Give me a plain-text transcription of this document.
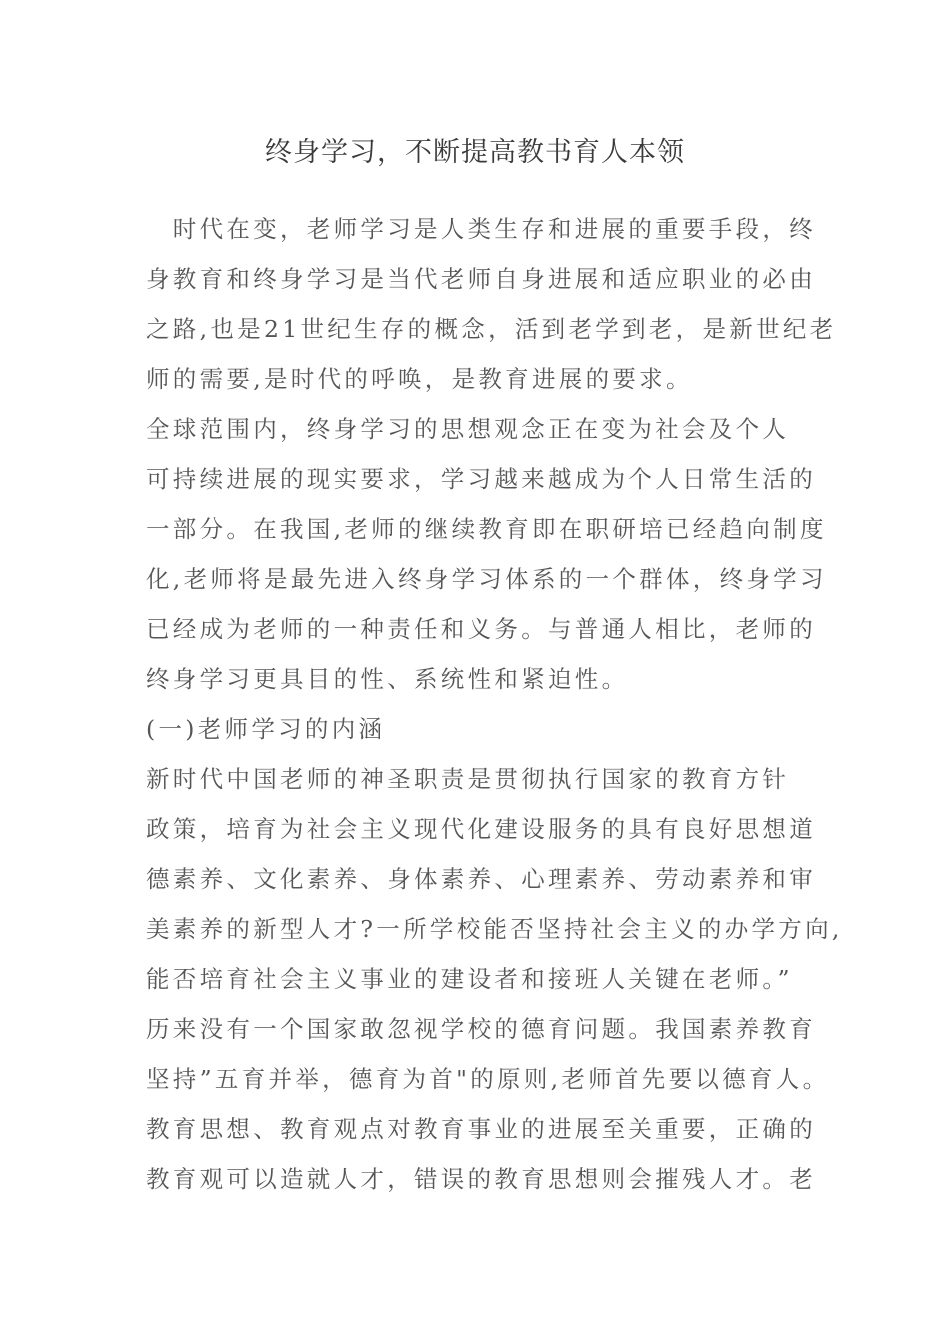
终身学习，不断提高教书育人本领
　时代在变，老师学习是人类生存和进展的重要手段，终
身教育和终身学习是当代老师自身进展和适应职业的必由
之路,也是21世纪生存的概念，活到老学到老，是新世纪老
师的需要,是时代的呼唤，是教育进展的要求。
全球范围内，终身学习的思想观念正在变为社会及个人
可持续进展的现实要求，学习越来越成为个人日常生活的
一部分。在我国,老师的继续教育即在职研培已经趋向制度
化,老师将是最先进入终身学习体系的一个群体，终身学习
已经成为老师的一种责任和义务。与普通人相比，老师的
终身学习更具目的性、系统性和紧迫性。
(一)老师学习的内涵
新时代中国老师的神圣职责是贯彻执行国家的教育方针
政策，培育为社会主义现代化建设服务的具有良好思想道
德素养、文化素养、身体素养、心理素养、劳动素养和审
美素养的新型人才?一所学校能否坚持社会主义的办学方向,
能否培育社会主义事业的建设者和接班人关键在老师。”
历来没有一个国家敢忽视学校的德育问题。我国素养教育
坚持”五育并举，德育为首"的原则,老师首先要以德育人。
教育思想、教育观点对教育事业的进展至关重要，正确的
教育观可以造就人才，错误的教育思想则会摧残人才。老
